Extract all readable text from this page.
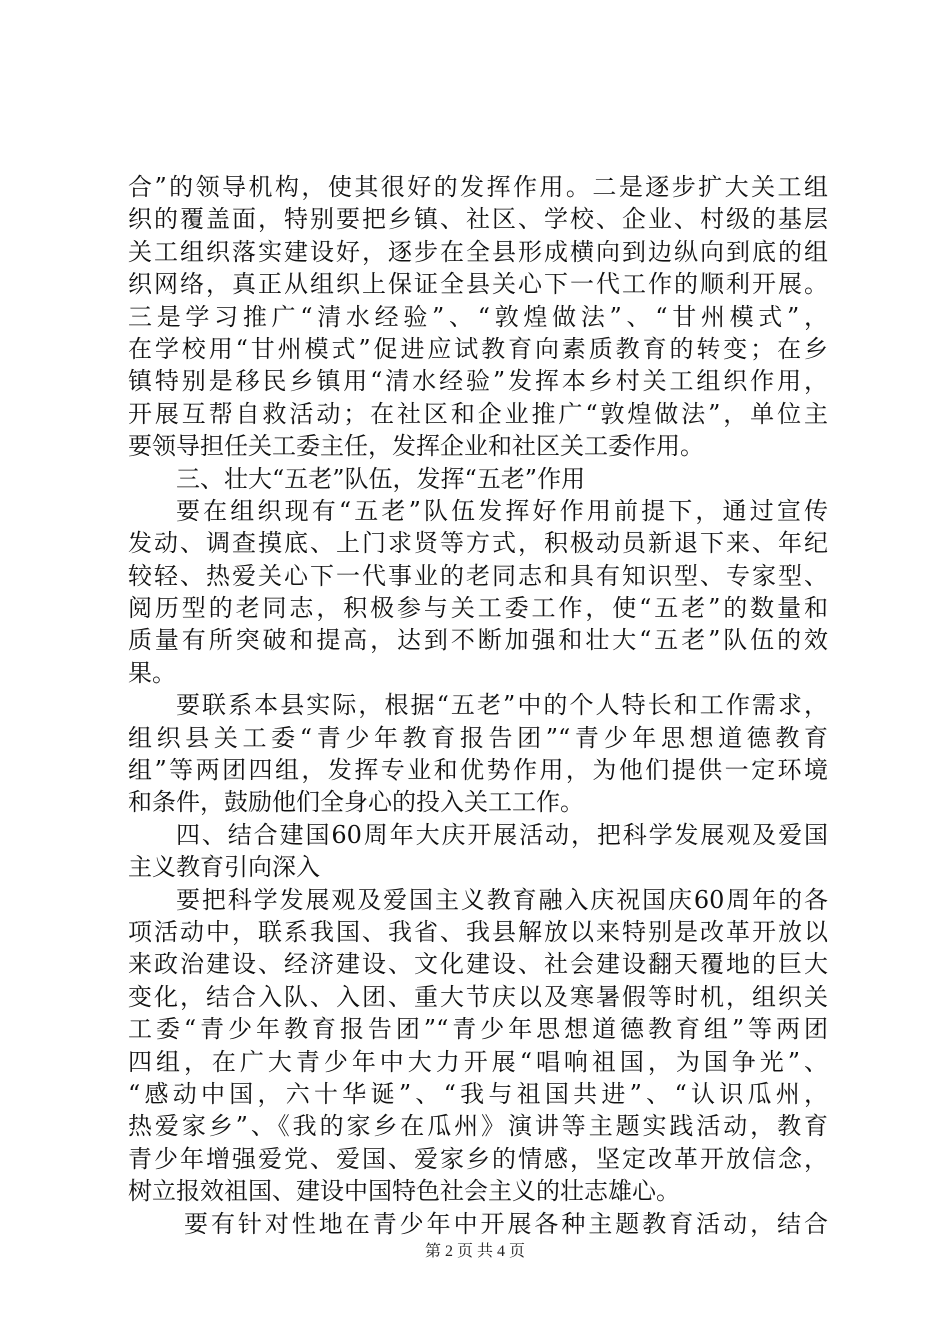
合”的领导机构，使其很好的发挥作用。二是逐步扩大关工组
织的覆盖面，特别要把乡镇、社区、学校、企业、村级的基层
关工组织落实建设好，逐步在全县形成横向到边纵向到底的组
织网络，真正从组织上保证全县关心下一代工作的顺利开展。
三是学习推广“清水经验”、“敦煌做法”、“甘州模式”，
在学校用“甘州模式”促进应试教育向素质教育的转变；在乡
镇特别是移民乡镇用“清水经验”发挥本乡村关工组织作用，
开展互帮自救活动；在社区和企业推广“敦煌做法”，单位主
要领导担任关工委主任，发挥企业和社区关工委作用。
三、壮大“五老”队伍，发挥“五老”作用
要在组织现有“五老”队伍发挥好作用前提下，通过宣传
发动、调查摸底、上门求贤等方式，积极动员新退下来、年纪
较轻、热爱关心下一代事业的老同志和具有知识型、专家型、
阅历型的老同志，积极参与关工委工作，使“五老”的数量和
质量有所突破和提高，达到不断加强和壮大“五老”队伍的效
果。
要联系本县实际，根据“五老”中的个人特长和工作需求，
组织县关工委“青少年教育报告团”“青少年思想道德教育
组”等两团四组，发挥专业和优势作用，为他们提供一定环境
和条件，鼓励他们全身心的投入关工工作。
四、结合建国60周年大庆开展活动，把科学发展观及爱国
主义教育引向深入
要把科学发展观及爱国主义教育融入庆祝国庆60周年的各
项活动中，联系我国、我省、我县解放以来特别是改革开放以
来政治建设、经济建设、文化建设、社会建设翻天覆地的巨大
变化，结合入队、入团、重大节庆以及寒暑假等时机，组织关
工委“青少年教育报告团”“青少年思想道德教育组”等两团
四组，在广大青少年中大力开展“唱响祖国，为国争光”、
“感动中国，六十华诞”、“我与祖国共进”、“认识瓜州，
热爱家乡”、《我的家乡在瓜州》演讲等主题实践活动，教育
青少年增强爱党、爱国、爱家乡的情感，坚定改革开放信念，
树立报效祖国、建设中国特色社会主义的壮志雄心。
要有针对性地在青少年中开展各种主题教育活动，结合
第 2 页 共 4 页
